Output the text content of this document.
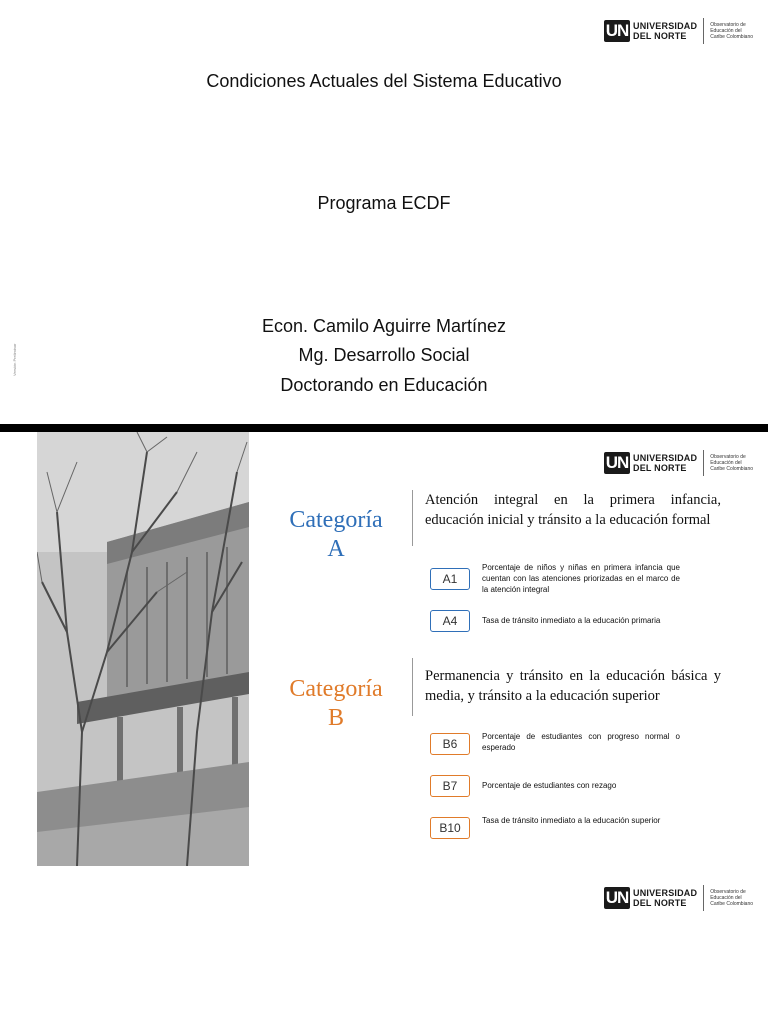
UN UNIVERSIDAD
DEL NORTE
Observatorio de
Educación del
Caribe Colombiano
Condiciones Actuales del Sistema Educativo
Programa ECDF
Econ. Camilo Aguirre Martínez
Mg. Desarrollo Social
Doctorando en Educación
Versión Preliminar
UN UNIVERSIDAD
DEL NORTE
Observatorio de
Educación del
Caribe Colombiano
Categoría
A
Atención integral en la primera infancia, educación inicial y tránsito a la educación formal
A1
Porcentaje de niños y niñas en primera infancia que cuentan con las atenciones priorizadas en el marco de la atención integral
A4	Tasa de tránsito inmediato a la educación primaria
Categoría
B
Permanencia y tránsito en la educación básica y media, y tránsito a la educación superior
B6
Porcentaje de estudiantes con progreso normal o esperado
B7	Porcentaje de estudiantes con rezago
B10
Tasa de tránsito inmediato a la educación superior
UN UNIVERSIDAD
DEL NORTE
Observatorio de
Educación del
Caribe Colombiano
